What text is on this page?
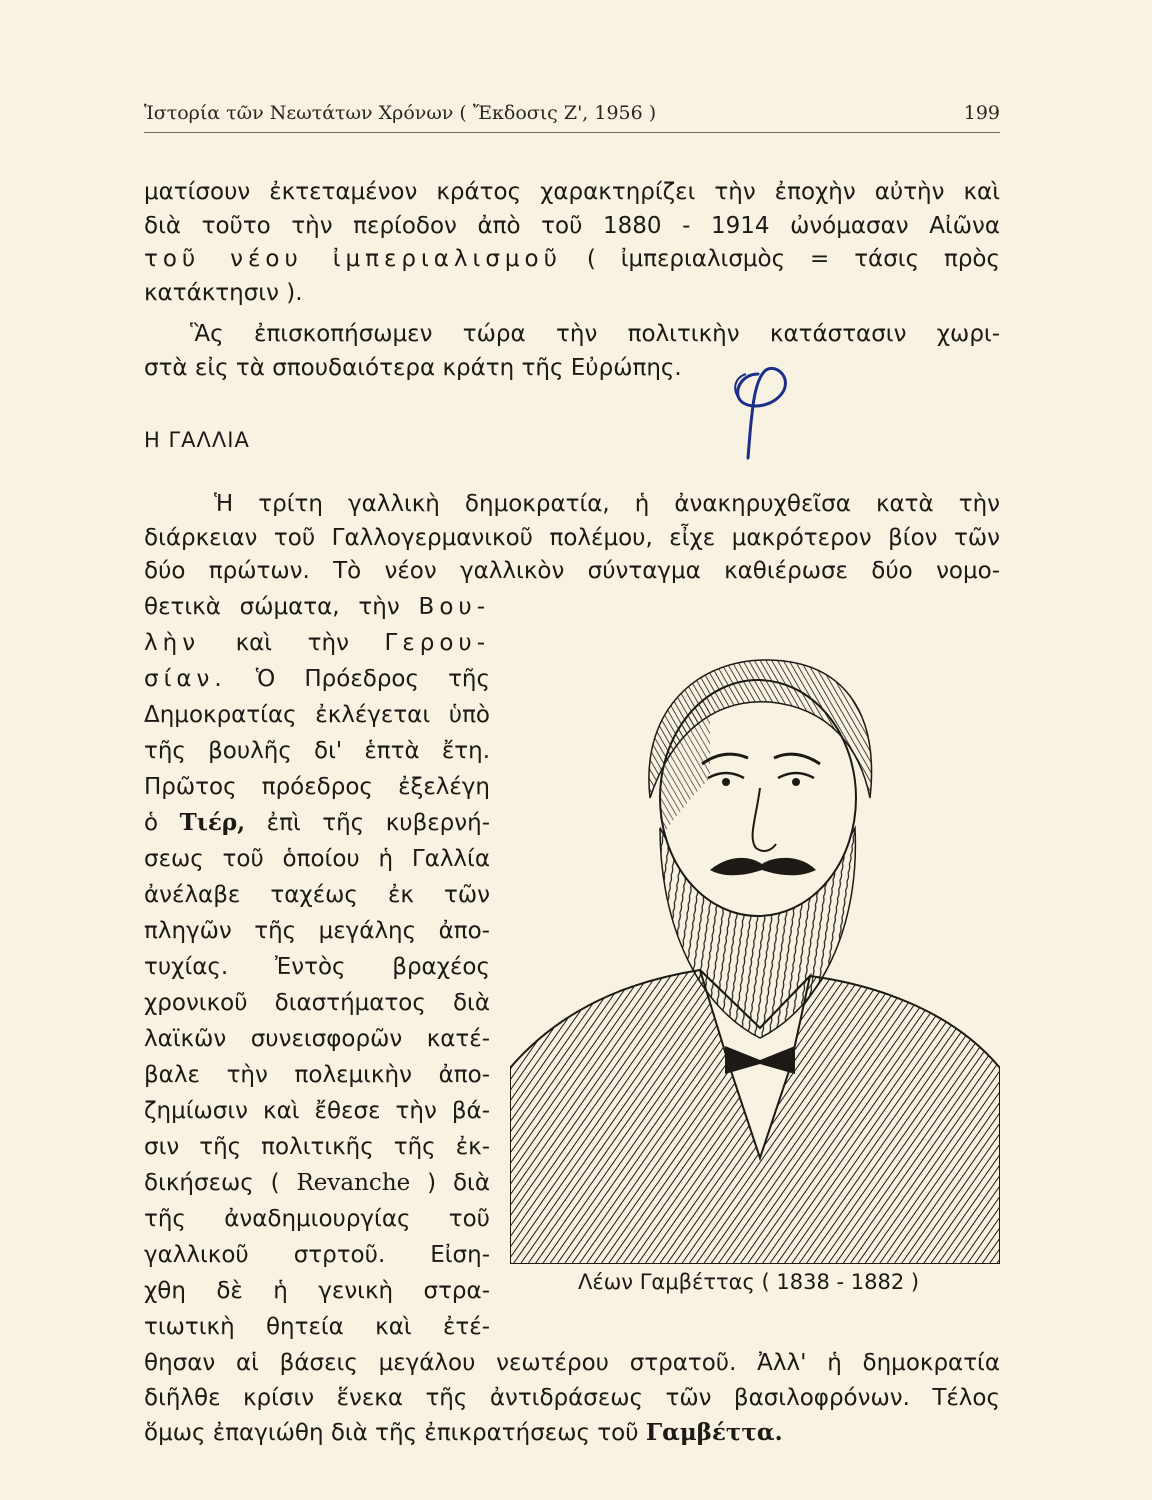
Ἱστορία τῶν Νεωτάτων Χρόνων ( Ἔκδοσις Ζ', 1956 )	199
ματίσουν ἐκτεταμένον κράτος χαρακτηρίζει τὴν ἐποχὴν αὐτὴν καὶ
διὰ τοῦτο τὴν περίοδον ἀπὸ τοῦ 1880 - 1914 ὠνόμασαν Αἰῶνα
τοῦ νέου ἰμπεριαλισμοῦ ( ἰμπεριαλισμὸς = τάσις πρὸς
κατάκτησιν ).
Ἃς ἐπισκοπήσωμεν τώρα τὴν πολιτικὴν κατάστασιν χωρι-
στὰ εἰς τὰ σπουδαιότερα κράτη τῆς Εὐρώπης.
Η ΓΑΛΛΙΑ
Ἡ τρίτη γαλλικὴ δημοκρατία, ἡ ἀνακηρυχθεῖσα κατὰ τὴν
διάρκειαν τοῦ Γαλλογερμανικοῦ πολέμου, εἶχε μακρότερον βίον τῶν
δύο πρώτων. Τὸ νέον γαλλικὸν σύνταγμα καθιέρωσε δύο νομο-
θετικὰ σώματα, τὴν Βου-
λὴν καὶ τὴν Γερου-
σίαν. Ὁ Πρόεδρος τῆς
Δημοκρατίας ἐκλέγεται ὑπὸ
τῆς βουλῆς δι' ἑπτὰ ἔτη.
Πρῶτος πρόεδρος ἐξελέγη
ὁ Τιέρ, ἐπὶ τῆς κυβερνή-
σεως τοῦ ὁποίου ἡ Γαλλία
ἀνέλαβε ταχέως ἐκ τῶν
πληγῶν τῆς μεγάλης ἀπο-
τυχίας. Ἐντὸς βραχέος
χρονικοῦ διαστήματος διὰ
λαϊκῶν συνεισφορῶν κατέ-
βαλε τὴν πολεμικὴν ἀπο-
ζημίωσιν καὶ ἔθεσε τὴν βά-
σιν τῆς πολιτικῆς τῆς ἐκ-
δικήσεως ( Revanche ) διὰ
τῆς ἀναδημιουργίας τοῦ
γαλλικοῦ στρτοῦ. Εἰση-
χθη δὲ ἡ γενικὴ στρα-
τιωτικὴ θητεία καὶ ἐτέ-
θησαν αἱ βάσεις μεγάλου νεωτέρου στρατοῦ. Ἀλλ' ἡ δημοκρατία
διῆλθε κρίσιν ἕνεκα τῆς ἀντιδράσεως τῶν βασιλοφρόνων. Τέλος
ὅμως ἐπαγιώθη διὰ τῆς ἐπικρατήσεως τοῦ Γαμβέττα.
Λέων Γαμβέττας ( 1838 - 1882 )
